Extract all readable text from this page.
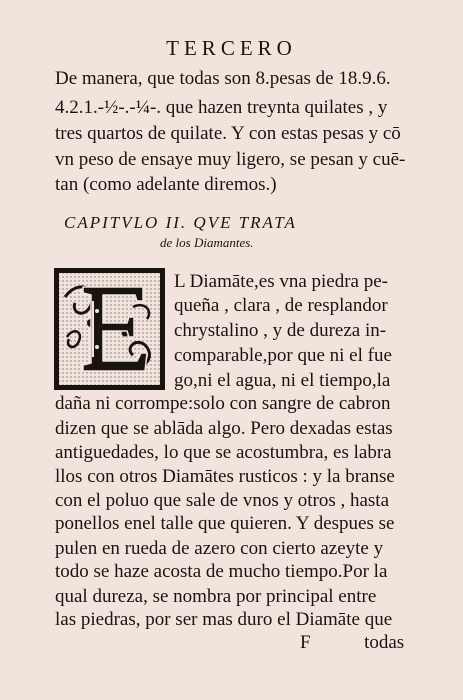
TERCERO
De manera, que todas son 8.pesas de 18.9.6.
4.2.1.-½-.-¼-. que hazen treynta quilates , y
tres quartos de quilate. Y con estas pesas y cō
vn peso de ensaye muy ligero, se pesan y cuē-
tan (como adelante diremos.)
CAPITVLO II. QVE TRATA
de los Diamantes.
L Diamāte,es vna piedra pe-
queña , clara , de resplandor
chrystalino , y de dureza in-
comparable,por que ni el fue
go,ni el agua, ni el tiempo,la
daña ni corrompe:solo con sangre de cabron
dizen que se ablāda algo. Pero dexadas estas
antiguedades, lo que se acostumbra, es labra
llos con otros Diamātes rusticos : y la branse
con el poluo que sale de vnos y otros , hasta
ponellos enel talle que quieren. Y despues se
pulen en rueda de azero con cierto azeyte y
todo se haze acosta de mucho tiempo.Por la
qual dureza, se nombra por principal entre
las piedras, por ser mas duro el Diamāte que
F	todas
